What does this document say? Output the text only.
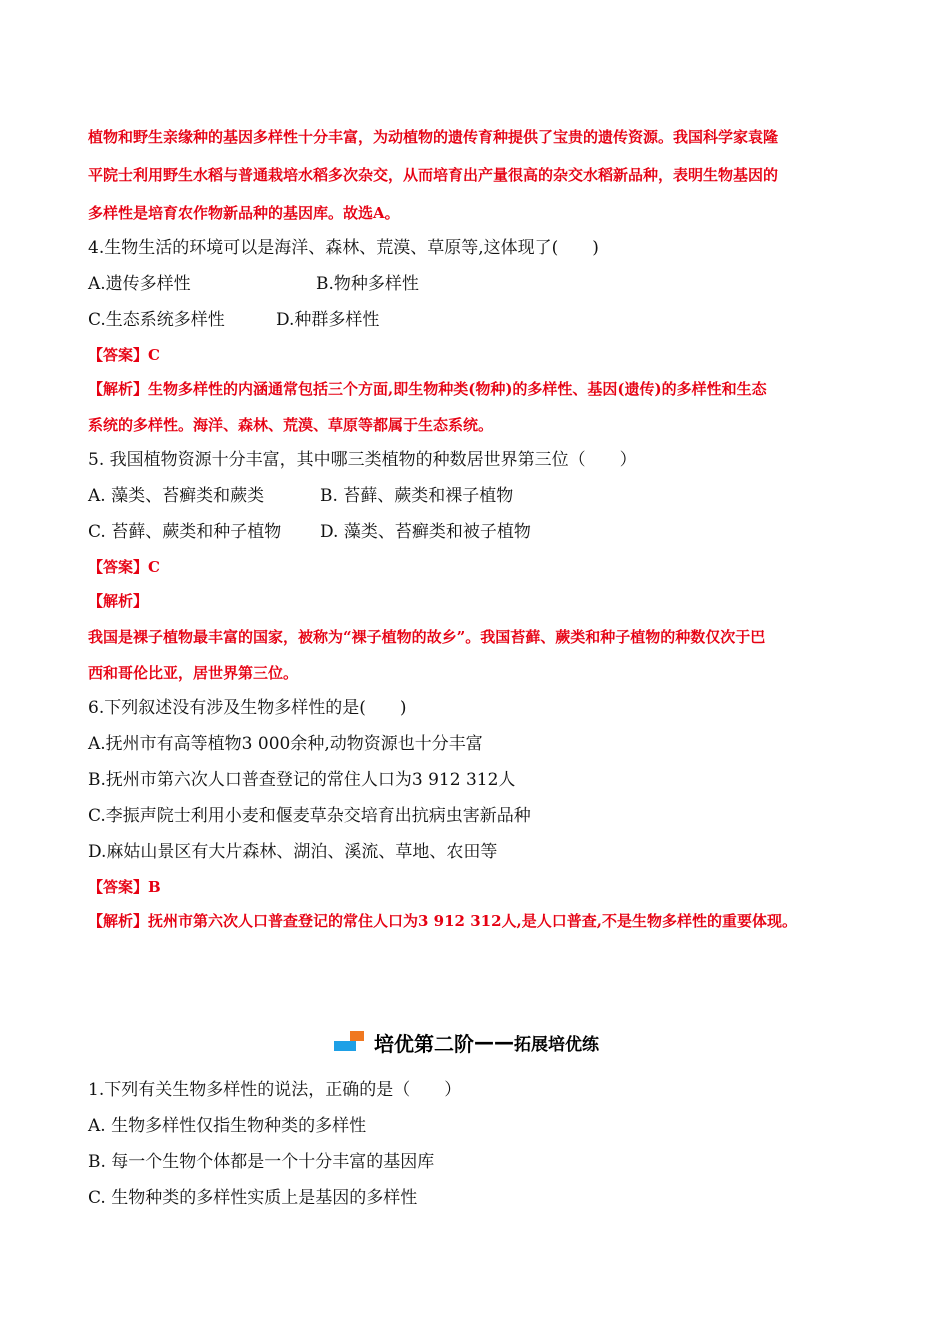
植物和野生亲缘种的基因多样性十分丰富，为动植物的遗传育种提供了宝贵的遗传资源。我国科学家袁隆
平院士利用野生水稻与普通栽培水稻多次杂交，从而培育出产量很高的杂交水稻新品种，表明生物基因的
多样性是培育农作物新品种的基因库。故选A。
4.生物生活的环境可以是海洋、森林、荒漠、草原等,这体现了(　　)
A.遗传多样性	B.物种多样性
C.生态系统多样性	D.种群多样性
【答案】C
【解析】生物多样性的内涵通常包括三个方面,即生物种类(物种)的多样性、基因(遗传)的多样性和生态
系统的多样性。海洋、森林、荒漠、草原等都属于生态系统。
5. 我国植物资源十分丰富，其中哪三类植物的种数居世界第三位（　　）
A. 藻类、苔癣类和蕨类	B. 苔藓、蕨类和裸子植物
C. 苔藓、蕨类和种子植物 D. 藻类、苔癣类和被子植物
【答案】C
【解析】
我国是裸子植物最丰富的国家，被称为“裸子植物的故乡”。我国苔藓、蕨类和种子植物的种数仅次于巴
西和哥伦比亚，居世界第三位。
6.下列叙述没有涉及生物多样性的是(　　)
A.抚州市有高等植物3 000余种,动物资源也十分丰富
B.抚州市第六次人口普查登记的常住人口为3 912 312人
C.李振声院士利用小麦和偃麦草杂交培育出抗病虫害新品种
D.麻姑山景区有大片森林、湖泊、溪流、草地、农田等
【答案】B
【解析】抚州市第六次人口普查登记的常住人口为3 912 312人,是人口普查,不是生物多样性的重要体现。
1.下列有关生物多样性的说法，正确的是（　　）
A. 生物多样性仅指生物种类的多样性
B. 每一个生物个体都是一个十分丰富的基因库
C. 生物种类的多样性实质上是基因的多样性
培优第二阶 —— 拓展培优练
